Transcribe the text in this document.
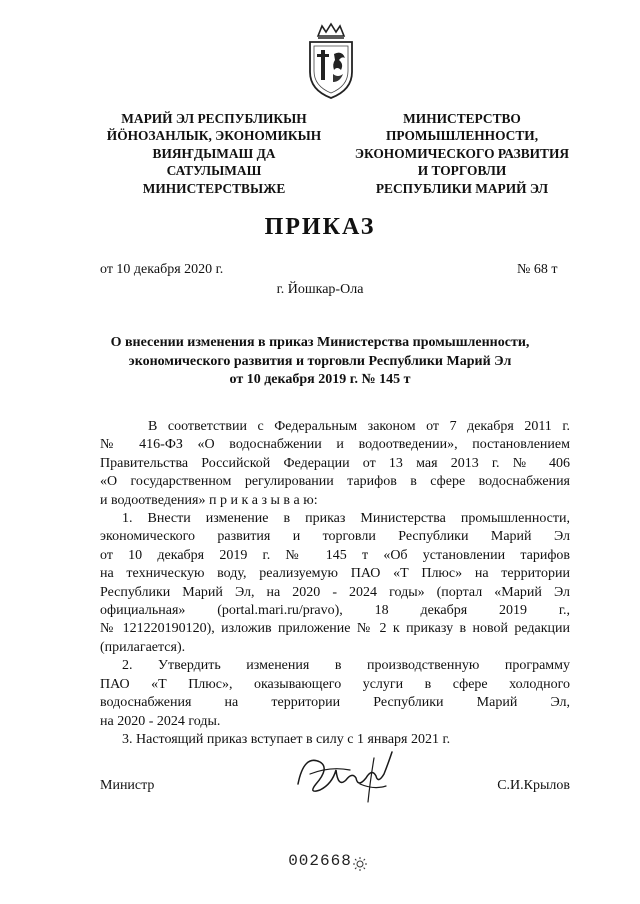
МАРИЙ ЭЛ РЕСПУБЛИКЫН
ЙӦНОЗАНЛЫК, ЭКОНОМИКЫН
ВИЯҤДЫМАШ ДА
САТУЛЫМАШ
МИНИСТЕРСТВЫЖЕ
МИНИСТЕРСТВО
ПРОМЫШЛЕННОСТИ,
ЭКОНОМИЧЕСКОГО РАЗВИТИЯ
И ТОРГОВЛИ
РЕСПУБЛИКИ МАРИЙ ЭЛ
ПРИКАЗ
от 10 декабря 2020 г.	№ 68 т
г. Йошкар-Ола
О внесении изменения в приказ Министерства промышленности,
экономического развития и торговли Республики Марий Эл
от 10 декабря 2019 г. № 145 т
В соответствии с Федеральным законом от 7 декабря 2011 г.
№ 416-ФЗ «О водоснабжении и водоотведении», постановлением
Правительства Российской Федерации от 13 мая 2013 г. № 406
«О государственном регулировании тарифов в сфере водоснабжения
и водоотведения» п р и к а з ы в а ю:
1. Внести изменение в приказ Министерства промышленности,
экономического развития и торговли Республики Марий Эл
от 10 декабря 2019 г. № 145 т «Об установлении тарифов
на техническую воду, реализуемую ПАО «Т Плюс» на территории
Республики Марий Эл, на 2020 - 2024 годы» (портал «Марий Эл
официальная» (portal.mari.ru/pravo), 18 декабря 2019 г.,
№ 121220190120), изложив приложение № 2 к приказу в новой редакции
(прилагается).
2. Утвердить изменения в производственную программу
ПАО «Т Плюс», оказывающего услуги в сфере холодного
водоснабжения на территории Республики Марий Эл,
на 2020 - 2024 годы.
3. Настоящий приказ вступает в силу с 1 января 2021 г.
Министр	С.И.Крылов
002668
